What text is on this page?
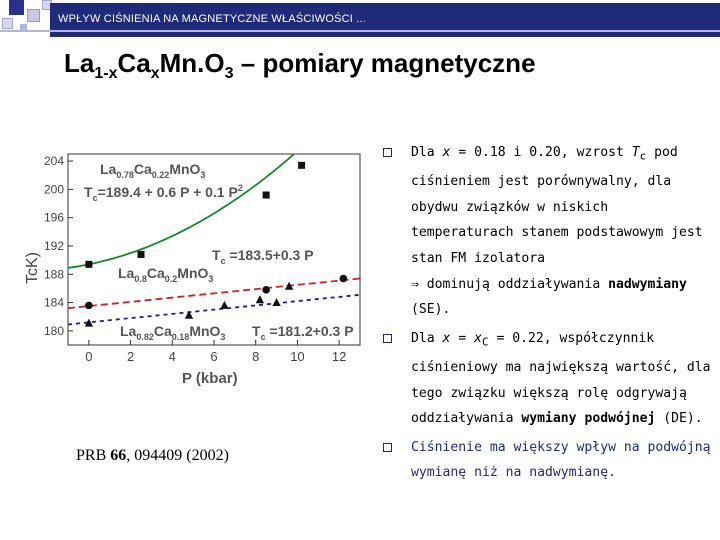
WPŁYW CIŚNIENIA NA MAGNETYCZNE WŁAŚCIWOŚCI ...
$La_{1-x}Ca_xMn.O_3$ – pomiary magnetyczne
0	2	4	6	8 10 12
180
184
188
192
196
200
204	$La_{0.78}Ca_{0.22}MnO_3$
$T_c=189.4 + 0.6$ P + 0.1 $P^2$
$T_c =183.5+0.3$ P
$La_{0.8}Ca_{0.2}MnO_3$
$La_{0.82}Ca_{0.18}MnO_3$ $T_c =181.2+0.3$ P
P (kbar)
TcK)
PRB 66, 094409 (2002)
Dla x = 0.18 i 0.20, wzrost $T_c$ pod ciśnieniem jest porównywalny, dla obydwu związków w niskich temperaturach stanem podstawowym jest stan FM izolatora
⇒ dominują oddziaływania nadwymiany (SE).
Dla $x = x_C = 0.22$, współczynnik ciśnieniowy ma największą wartość, dla tego związku większą rolę odgrywają oddziaływania wymiany podwójnej (DE).
Ciśnienie ma większy wpływ na podwójną wymianę niż na nadwymianę.
